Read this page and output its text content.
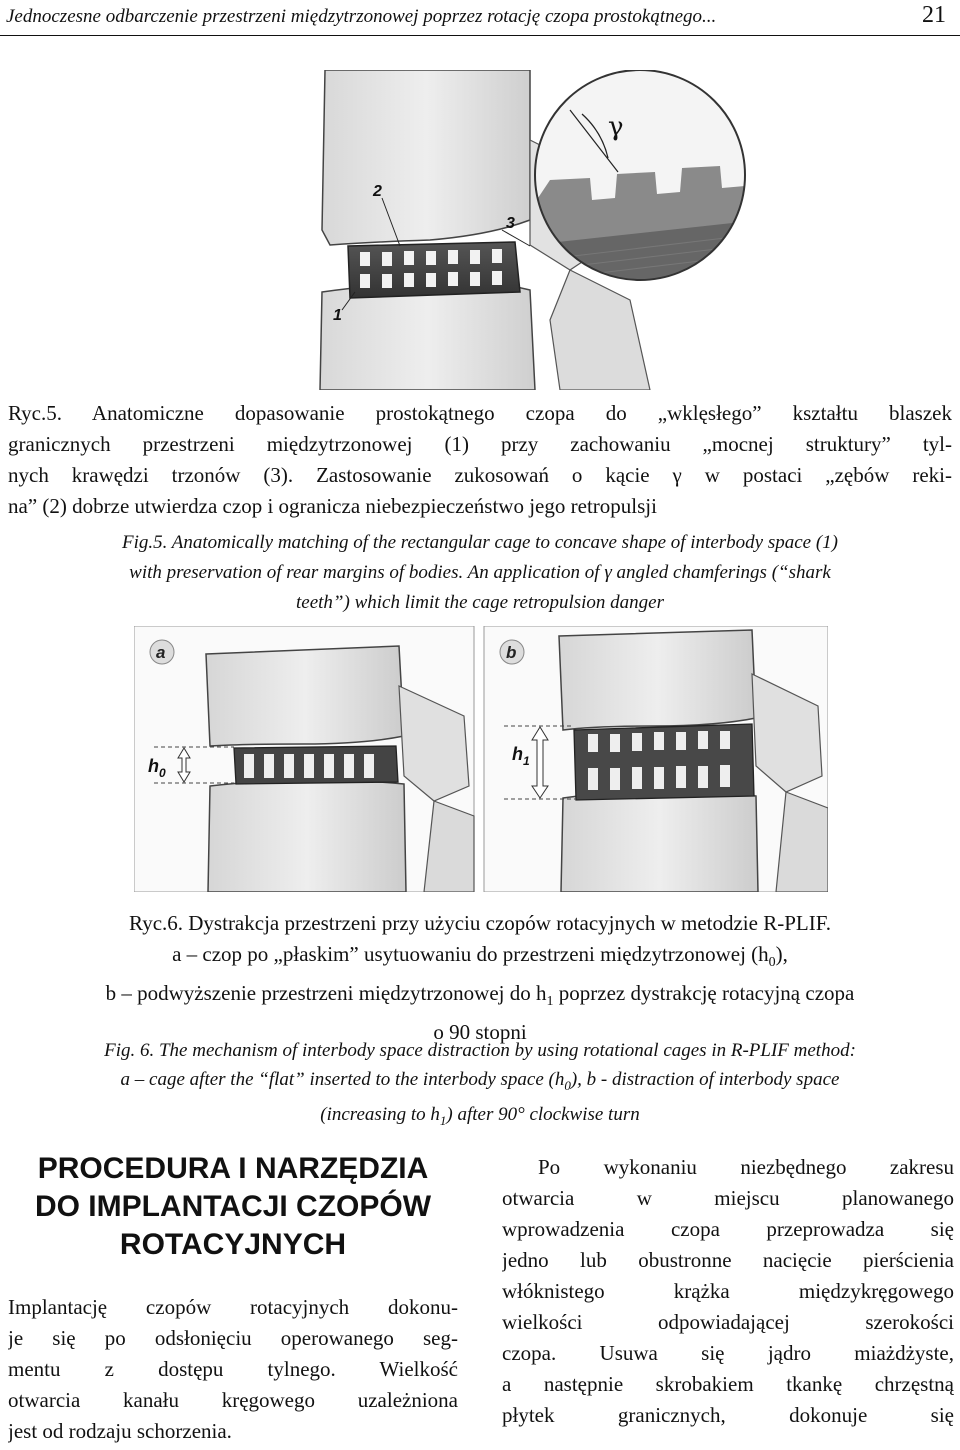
Jednoczesne odbarczenie przestrzeni międzytrzonowej poprzez rotację czopa prostokątnego...	21
2
3
1
γ
Ryc.5. Anatomiczne dopasowanie prostokątnego czopa do „wklęsłego” kształtu blaszek
granicznych przestrzeni międzytrzonowej (1) przy zachowaniu „mocnej struktury” tyl-
nych krawędzi trzonów (3). Zastosowanie zukosowań o kącie γ w postaci „zębów reki-
na” (2) dobrze utwierdza czop i ogranicza niebezpieczeństwo jego retropulsji
Fig.5. Anatomically matching of the rectangular cage to concave shape of interbody space (1)
with preservation of rear margins of bodies. An application of γ angled chamferings (“shark
teeth”) which limit the cage retropulsion danger
a
$h_0$
b
$h_1$
Ryc.6. Dystrakcja przestrzeni przy użyciu czopów rotacyjnych w metodzie R-PLIF.
a – czop po „płaskim” usytuowaniu do przestrzeni międzytrzonowej $(h_0)$,
b – podwyższenie przestrzeni międzytrzonowej do $h_1$ poprzez dystrakcję rotacyjną czopa
o 90 stopni
Fig. 6. The mechanism of interbody space distraction by using rotational cages in R-PLIF method:
a – cage after the “flat” inserted to the interbody space $(h_0)$, b - distraction of interbody space
(increasing to $h_1$) after 90° clockwise turn
PROCEDURA I NARZĘDZIA
DO IMPLANTACJI CZOPÓW
ROTACYJNYCH
Implantację czopów rotacyjnych dokonu-
je się po odsłonięciu operowanego seg-
mentu z dostępu tylnego. Wielkość
otwarcia kanału kręgowego uzależniona
jest od rodzaju schorzenia.
Po wykonaniu niezbędnego zakresu
otwarcia w miejscu planowanego
wprowadzenia czopa przeprowadza się
jedno lub obustronne nacięcie pierścienia
włóknistego krążka międzykręgowego
wielkości odpowiadającej szerokości
czopa. Usuwa się jądro miażdżyste,
a następnie skrobakiem tkankę chrzęstną
płytek granicznych, dokonuje się
